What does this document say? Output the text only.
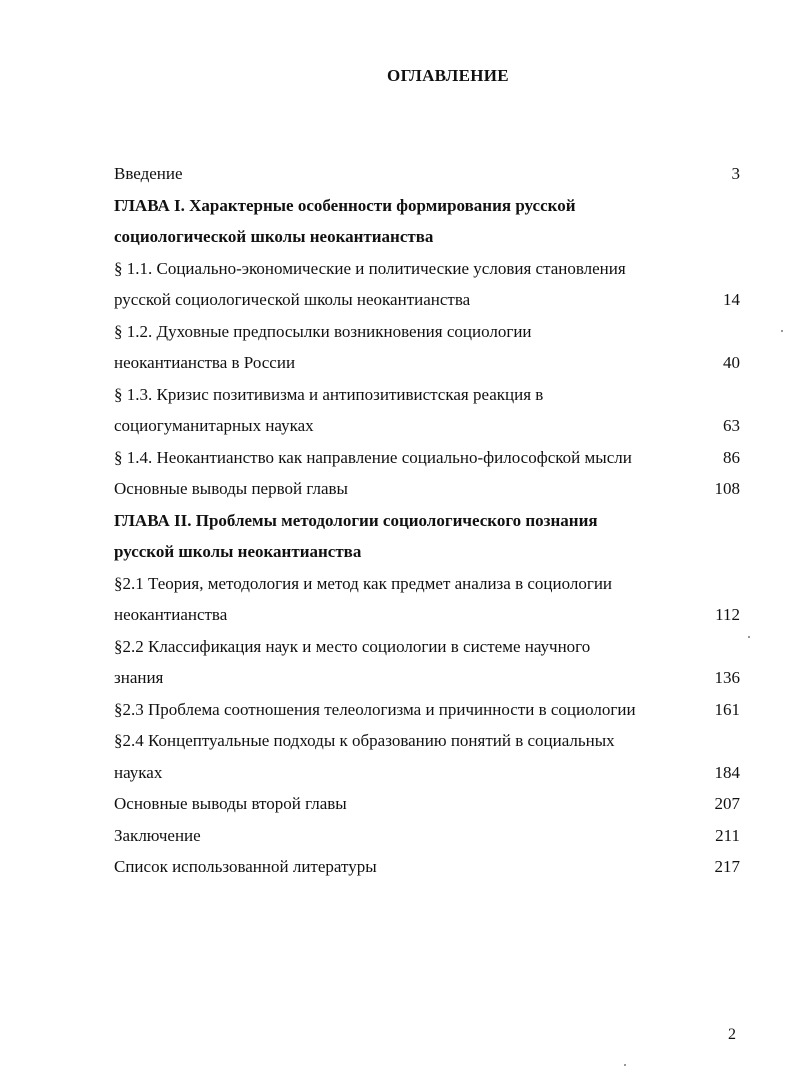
ОГЛАВЛЕНИЕ
Введение	3
ГЛАВА I. Характерные особенности формирования русской
социологической школы неокантианства
§ 1.1. Социально-экономические и политические условия становления
русской социологической школы неокантианства	14
§ 1.2. Духовные предпосылки возникновения социологии
неокантианства в России	40
§ 1.3. Кризис позитивизма и антипозитивистская реакция в
социогуманитарных науках	63
§ 1.4. Неокантианство как направление социально-философской мысли	86
Основные выводы первой главы	108
ГЛАВА II. Проблемы методологии социологического познания
русской школы неокантианства
§2.1 Теория, методология и метод как предмет анализа в социологии
неокантианства	112
§2.2 Классификация наук и место социологии в системе научного
знания	136
§2.3 Проблема соотношения телеологизма и причинности в социологии	161
§2.4 Концептуальные подходы к образованию понятий в социальных
науках	184
Основные выводы второй главы	207
Заключение	211
Список использованной литературы	217
2
